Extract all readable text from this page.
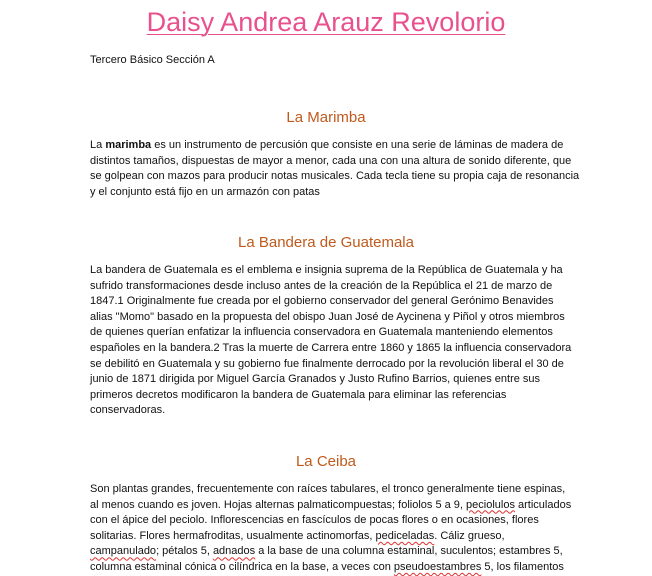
Daisy Andrea Arauz Revolorio
Tercero Básico Sección A
La Marimba
La marimba es un instrumento de percusión que consiste en una serie de láminas de madera de
distintos tamaños, dispuestas de mayor a menor, cada una con una altura de sonido diferente, que
se golpean con mazos para producir notas musicales. Cada tecla tiene su propia caja de resonancia
y el conjunto está fijo en un armazón con patas
La Bandera de Guatemala
La bandera de Guatemala es el emblema e insignia suprema de la República de Guatemala y ha
sufrido transformaciones desde incluso antes de la creación de la República el 21 de marzo de
1847.1 Originalmente fue creada por el gobierno conservador del general Gerónimo Benavides
alias "Momo" basado en la propuesta del obispo Juan José de Aycinena y Piñol y otros miembros
de quienes querían enfatizar la influencia conservadora en Guatemala manteniendo elementos
españoles en la bandera.2 Tras la muerte de Carrera entre 1860 y 1865 la influencia conservadora
se debilitó en Guatemala y su gobierno fue finalmente derrocado por la revolución liberal el 30 de
junio de 1871 dirigida por Miguel García Granados y Justo Rufino Barrios, quienes entre sus
primeros decretos modificaron la bandera de Guatemala para eliminar las referencias
conservadoras.
La Ceiba
Son plantas grandes, frecuentemente con raíces tabulares, el tronco generalmente tiene espinas,
al menos cuando es joven. Hojas alternas palmaticompuestas; foliolos 5 a 9, peciolulos articulados
con el ápice del peciolo. Inflorescencias en fascículos de pocas flores o en ocasiones, flores
solitarias. Flores hermafroditas, usualmente actinomorfas, pediceladas. Cáliz grueso,
campanulado; pétalos 5, adnados a la base de una columna estaminal, suculentos; estambres 5,
columna estaminal cónica o cilíndrica en la base, a veces con pseudoestambres 5, los filamentos
